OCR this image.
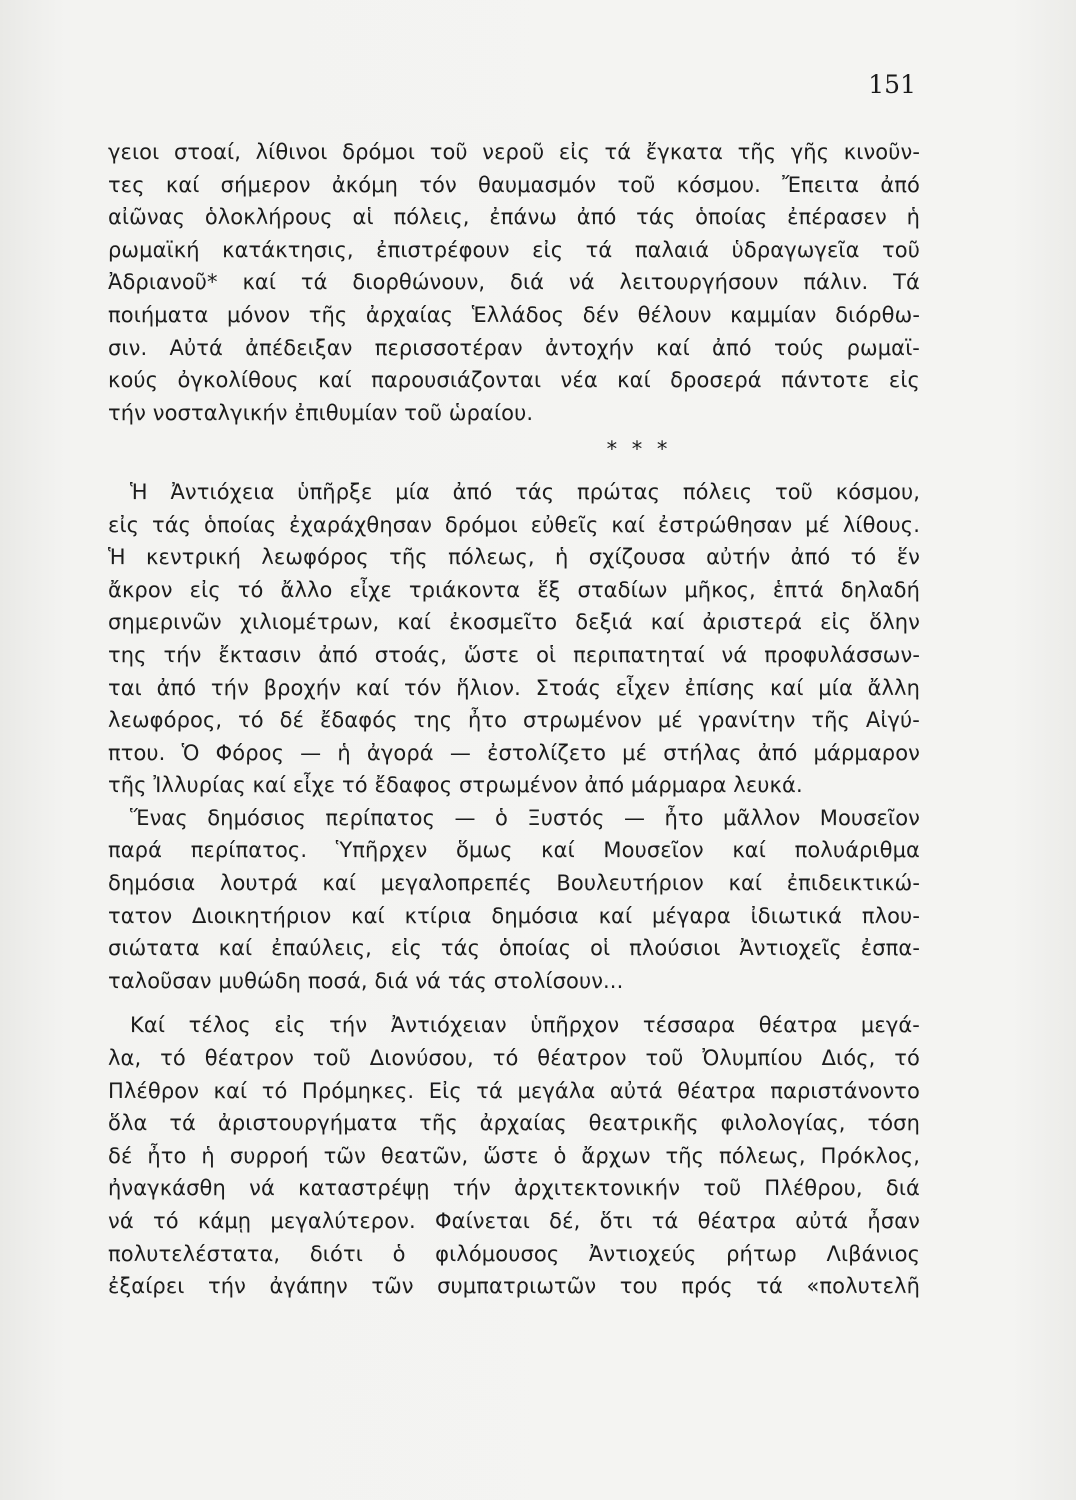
151
γειοι στοαί, λίθινοι δρόμοι τοῦ νεροῦ εἰς τά ἔγκατα τῆς γῆς κινοῦν-
τες καί σήμερον ἀκόμη τόν θαυμασμόν τοῦ κόσμου. Ἔπειτα ἀπό
αἰῶνας ὁλοκλήρους αἱ πόλεις, ἐπάνω ἀπό τάς ὁποίας ἐπέρασεν ἡ
ρωμαϊκή κατάκτησις, ἐπιστρέφουν εἰς τά παλαιά ὑδραγωγεῖα τοῦ
Ἀδριανοῦ* καί τά διορθώνουν, διά νά λειτουργήσουν πάλιν. Τά
ποιήματα μόνον τῆς ἀρχαίας Ἑλλάδος δέν θέλουν καμμίαν διόρθω-
σιν. Αὐτά ἀπέδειξαν περισσοτέραν ἀντοχήν καί ἀπό τούς ρωμαϊ-
κούς ὀγκολίθους καί παρουσιάζονται νέα καί δροσερά πάντοτε εἰς
τήν νοσταλγικήν ἐπιθυμίαν τοῦ ὡραίου.
* * *
Ἡ Ἀντιόχεια ὑπῆρξε μία ἀπό τάς πρώτας πόλεις τοῦ κόσμου,
εἰς τάς ὁποίας ἐχαράχθησαν δρόμοι εὐθεῖς καί ἐστρώθησαν μέ λίθους.
Ἡ κεντρική λεωφόρος τῆς πόλεως, ἡ σχίζουσα αὐτήν ἀπό τό ἕν
ἄκρον εἰς τό ἄλλο εἶχε τριάκοντα ἕξ σταδίων μῆκος, ἑπτά δηλαδή
σημερινῶν χιλιομέτρων, καί ἐκοσμεῖτο δεξιά καί ἀριστερά εἰς ὅλην
της τήν ἔκτασιν ἀπό στοάς, ὥστε οἱ περιπατηταί νά προφυλάσσων-
ται ἀπό τήν βροχήν καί τόν ἥλιον. Στοάς εἶχεν ἐπίσης καί μία ἄλλη
λεωφόρος, τό δέ ἔδαφός της ἦτο στρωμένον μέ γρανίτην τῆς Αἰγύ-
πτου. Ὁ Φόρος — ἡ ἀγορά — ἐστολίζετο μέ στήλας ἀπό μάρμαρον
τῆς Ἰλλυρίας καί εἶχε τό ἔδαφος στρωμένον ἀπό μάρμαρα λευκά.
Ἕνας δημόσιος περίπατος — ὁ Ξυστός — ἦτο μᾶλλον Μουσεῖον
παρά περίπατος. Ὑπῆρχεν ὅμως καί Μουσεῖον καί πολυάριθμα
δημόσια λουτρά καί μεγαλοπρεπές Βουλευτήριον καί ἐπιδεικτικώ-
τατον Διοικητήριον καί κτίρια δημόσια καί μέγαρα ἰδιωτικά πλου-
σιώτατα καί ἐπαύλεις, εἰς τάς ὁποίας οἱ πλούσιοι Ἀντιοχεῖς ἐσπα-
ταλοῦσαν μυθώδη ποσά, διά νά τάς στολίσουν...
Καί τέλος εἰς τήν Ἀντιόχειαν ὑπῆρχον τέσσαρα θέατρα μεγά-
λα, τό θέατρον τοῦ Διονύσου, τό θέατρον τοῦ Ὀλυμπίου Διός, τό
Πλέθρον καί τό Πρόμηκες. Εἰς τά μεγάλα αὐτά θέατρα παριστάνοντο
ὅλα τά ἀριστουργήματα τῆς ἀρχαίας θεατρικῆς φιλολογίας, τόση
δέ ἦτο ἡ συρροή τῶν θεατῶν, ὥστε ὁ ἄρχων τῆς πόλεως, Πρόκλος,
ἠναγκάσθη νά καταστρέψῃ τήν ἀρχιτεκτονικήν τοῦ Πλέθρου, διά
νά τό κάμῃ μεγαλύτερον. Φαίνεται δέ, ὅτι τά θέατρα αὐτά ἦσαν
πολυτελέστατα, διότι ὁ φιλόμουσος Ἀντιοχεύς ρήτωρ Λιβάνιος
ἐξαίρει τήν ἀγάπην τῶν συμπατριωτῶν του πρός τά «πολυτελῆ
